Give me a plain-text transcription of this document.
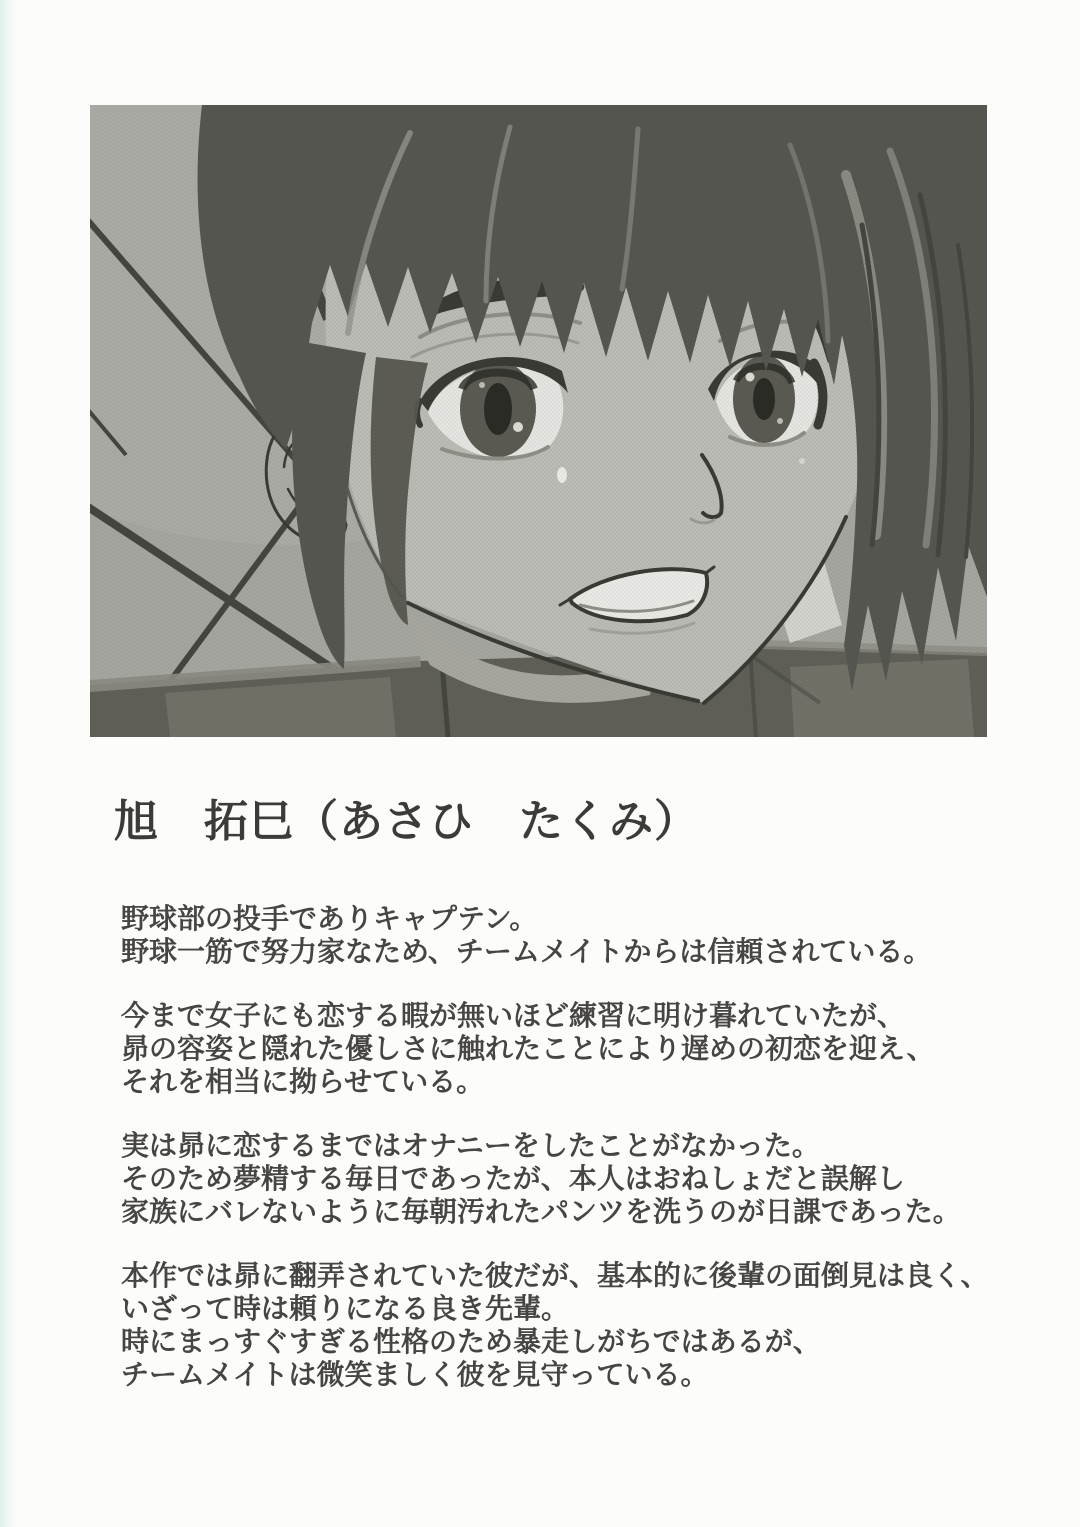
旭　拓巳（あさひ　たくみ）

野球部の投手でありキャプテン。
野球一筋で努力家なため、チームメイトからは信頼されている。

今まで女子にも恋する暇が無いほど練習に明け暮れていたが、
昴の容姿と隠れた優しさに触れたことにより遅めの初恋を迎え、
それを相当に拗らせている。

実は昴に恋するまではオナニーをしたことがなかった。
そのため夢精する毎日であったが、本人はおねしょだと誤解し
家族にバレないように毎朝汚れたパンツを洗うのが日課であった。

本作では昴に翻弄されていた彼だが、基本的に後輩の面倒見は良く、
いざって時は頼りになる良き先輩。
時にまっすぐすぎる性格のため暴走しがちではあるが、
チームメイトは微笑ましく彼を見守っている。
